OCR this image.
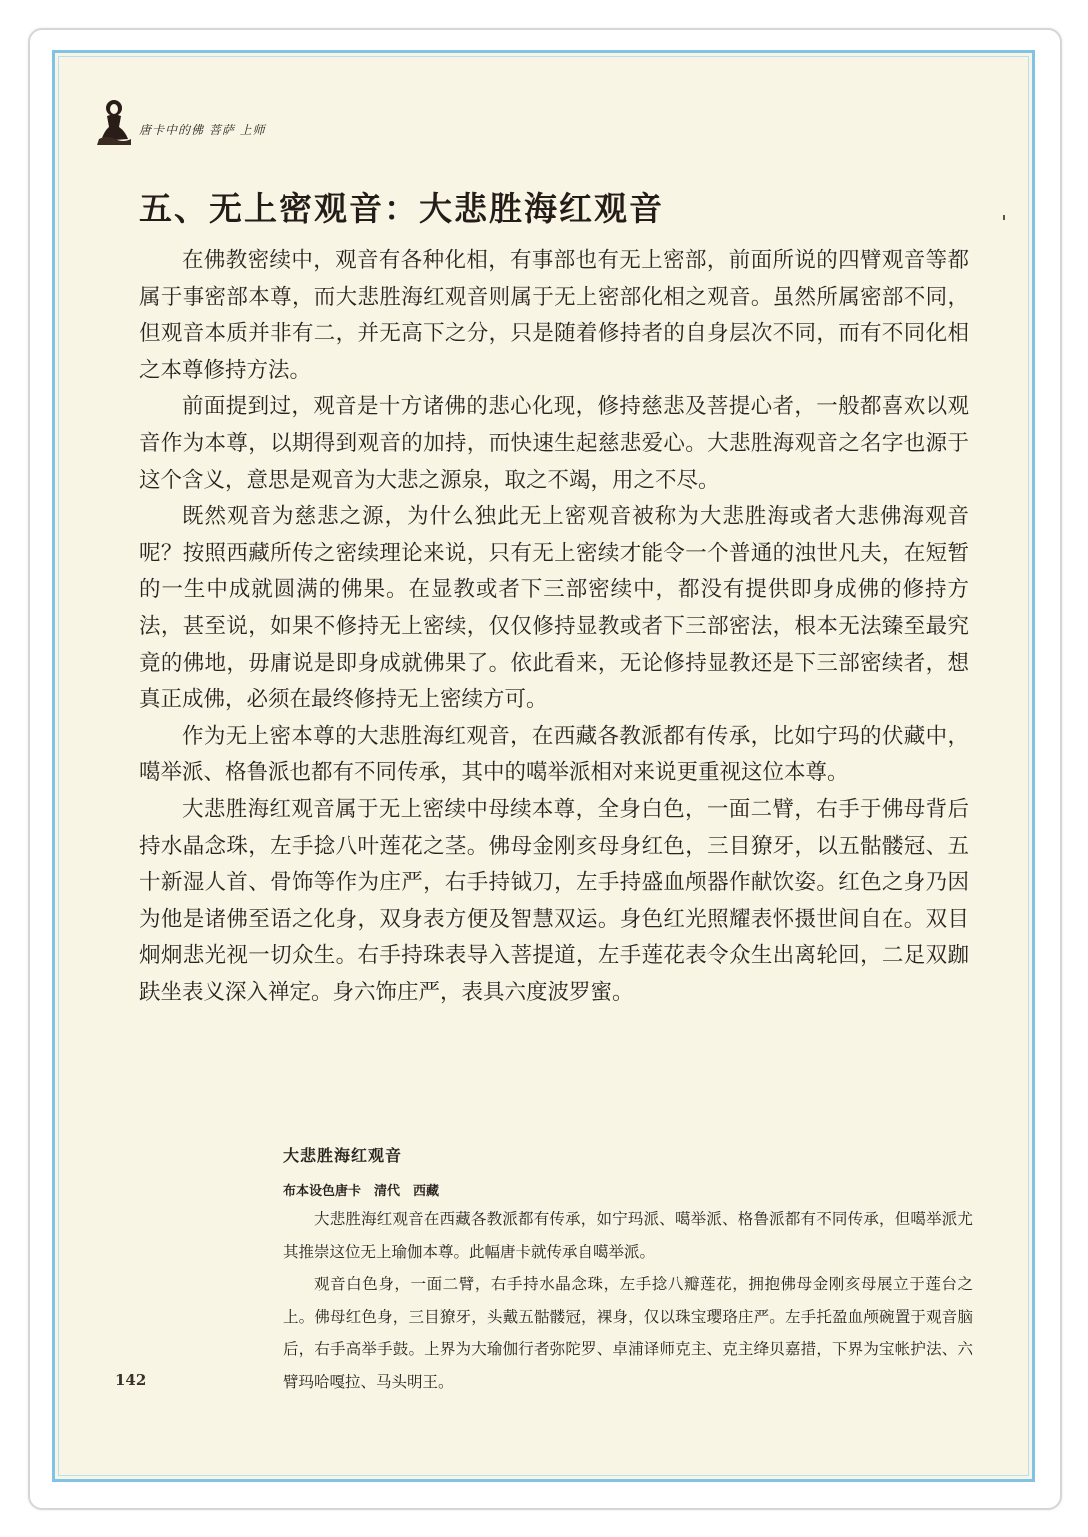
唐卡中的佛 菩萨 上师
五、无上密观音：大悲胜海红观音

在佛教密续中，观音有各种化相，有事部也有无上密部，前面所说的四臂观音等都属于事密部本尊，而大悲胜海红观音则属于无上密部化相之观音。虽然所属密部不同，但观音本质并非有二，并无高下之分，只是随着修持者的自身层次不同，而有不同化相之本尊修持方法。

前面提到过，观音是十方诸佛的悲心化现，修持慈悲及菩提心者，一般都喜欢以观音作为本尊，以期得到观音的加持，而快速生起慈悲爱心。大悲胜海观音之名字也源于这个含义，意思是观音为大悲之源泉，取之不竭，用之不尽。

既然观音为慈悲之源，为什么独此无上密观音被称为大悲胜海或者大悲佛海观音呢？按照西藏所传之密续理论来说，只有无上密续才能令一个普通的浊世凡夫，在短暂的一生中成就圆满的佛果。在显教或者下三部密续中，都没有提供即身成佛的修持方法，甚至说，如果不修持无上密续，仅仅修持显教或者下三部密法，根本无法臻至最究竟的佛地，毋庸说是即身成就佛果了。依此看来，无论修持显教还是下三部密续者，想真正成佛，必须在最终修持无上密续方可。

作为无上密本尊的大悲胜海红观音，在西藏各教派都有传承，比如宁玛的伏藏中，噶举派、格鲁派也都有不同传承，其中的噶举派相对来说更重视这位本尊。

大悲胜海红观音属于无上密续中母续本尊，全身白色，一面二臂，右手于佛母背后持水晶念珠，左手捻八叶莲花之茎。佛母金刚亥母身红色，三目獠牙，以五骷髅冠、五十新湿人首、骨饰等作为庄严，右手持钺刀，左手持盛血颅器作献饮姿。红色之身乃因为他是诸佛至语之化身，双身表方便及智慧双运。身色红光照耀表怀摄世间自在。双目炯炯悲光视一切众生。右手持珠表导入菩提道，左手莲花表令众生出离轮回，二足双跏趺坐表义深入禅定。身六饰庄严，表具六度波罗蜜。

大悲胜海红观音
布本设色唐卡　清代　西藏

大悲胜海红观音在西藏各教派都有传承，如宁玛派、噶举派、格鲁派都有不同传承，但噶举派尤其推崇这位无上瑜伽本尊。此幅唐卡就传承自噶举派。

观音白色身，一面二臂，右手持水晶念珠，左手捻八瓣莲花，拥抱佛母金刚亥母展立于莲台之上。佛母红色身，三目獠牙，头戴五骷髅冠，裸身，仅以珠宝璎珞庄严。左手托盈血颅碗置于观音脑后，右手高举手鼓。上界为大瑜伽行者弥陀罗、卓浦译师克主、克主绛贝嘉措，下界为宝帐护法、六臂玛哈嘎拉、马头明王。

142
